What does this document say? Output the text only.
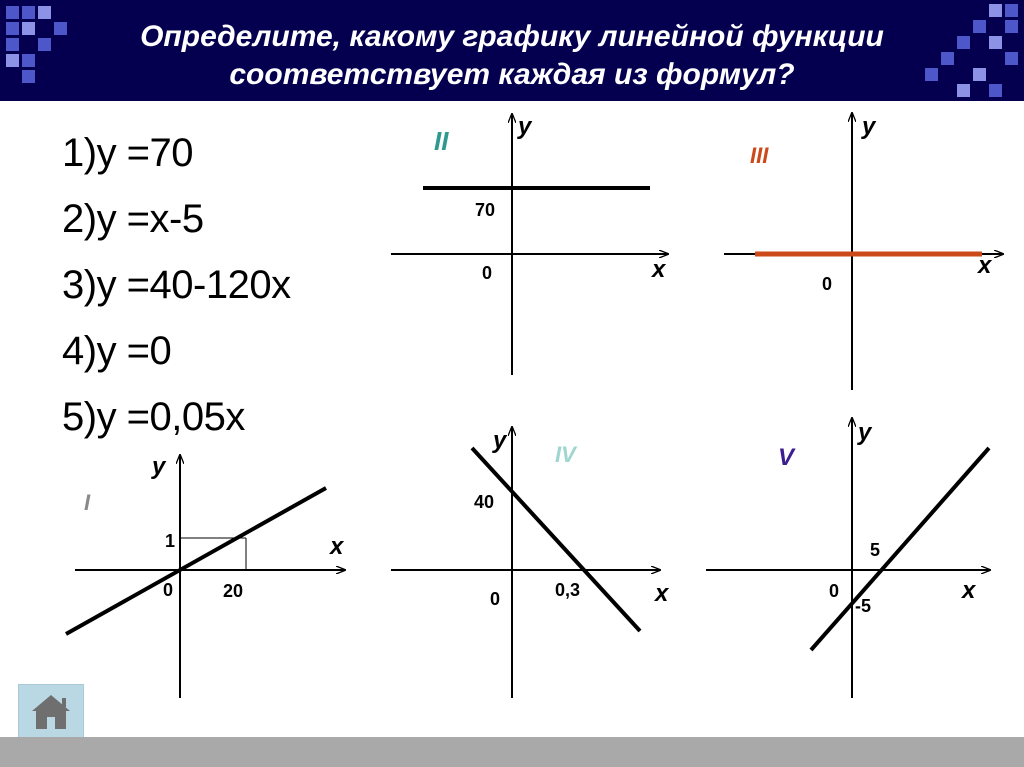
Определите, какому графику линейной функции
соответствует каждая из формул?
1)у =70
2)у =х-5
3)у =40-120х
4)у =0
5)у =0,05х
II	у
х
70
0
III
у
х
0
I
у
х
1
0	20
IV
у
х
40
0	0,3
V
у
х
5
0
-5
